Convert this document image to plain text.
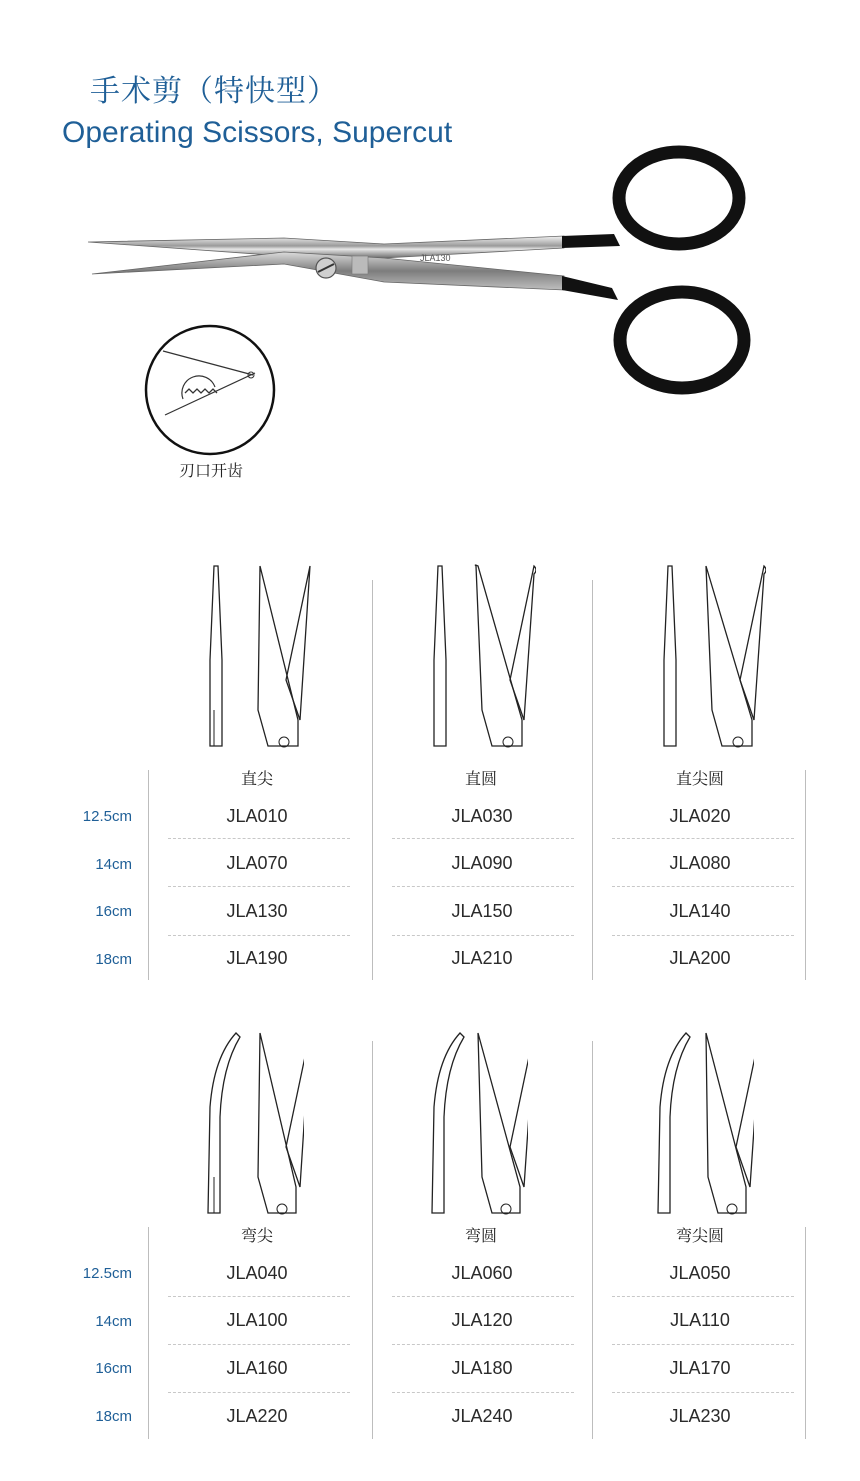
手术剪（特快型）
Operating Scissors, Supercut
JLA130
刃口开齿
直尖	直圆	直尖圆
12.5cm	JLA010	JLA030	JLA020
14cm	JLA070	JLA090	JLA080
16cm	JLA130	JLA150	JLA140
18cm	JLA190	JLA210	JLA200
弯尖	弯圆	弯尖圆
12.5cm	JLA040	JLA060	JLA050
14cm	JLA100	JLA120	JLA110
16cm	JLA160	JLA180	JLA170
18cm	JLA220	JLA240	JLA230
